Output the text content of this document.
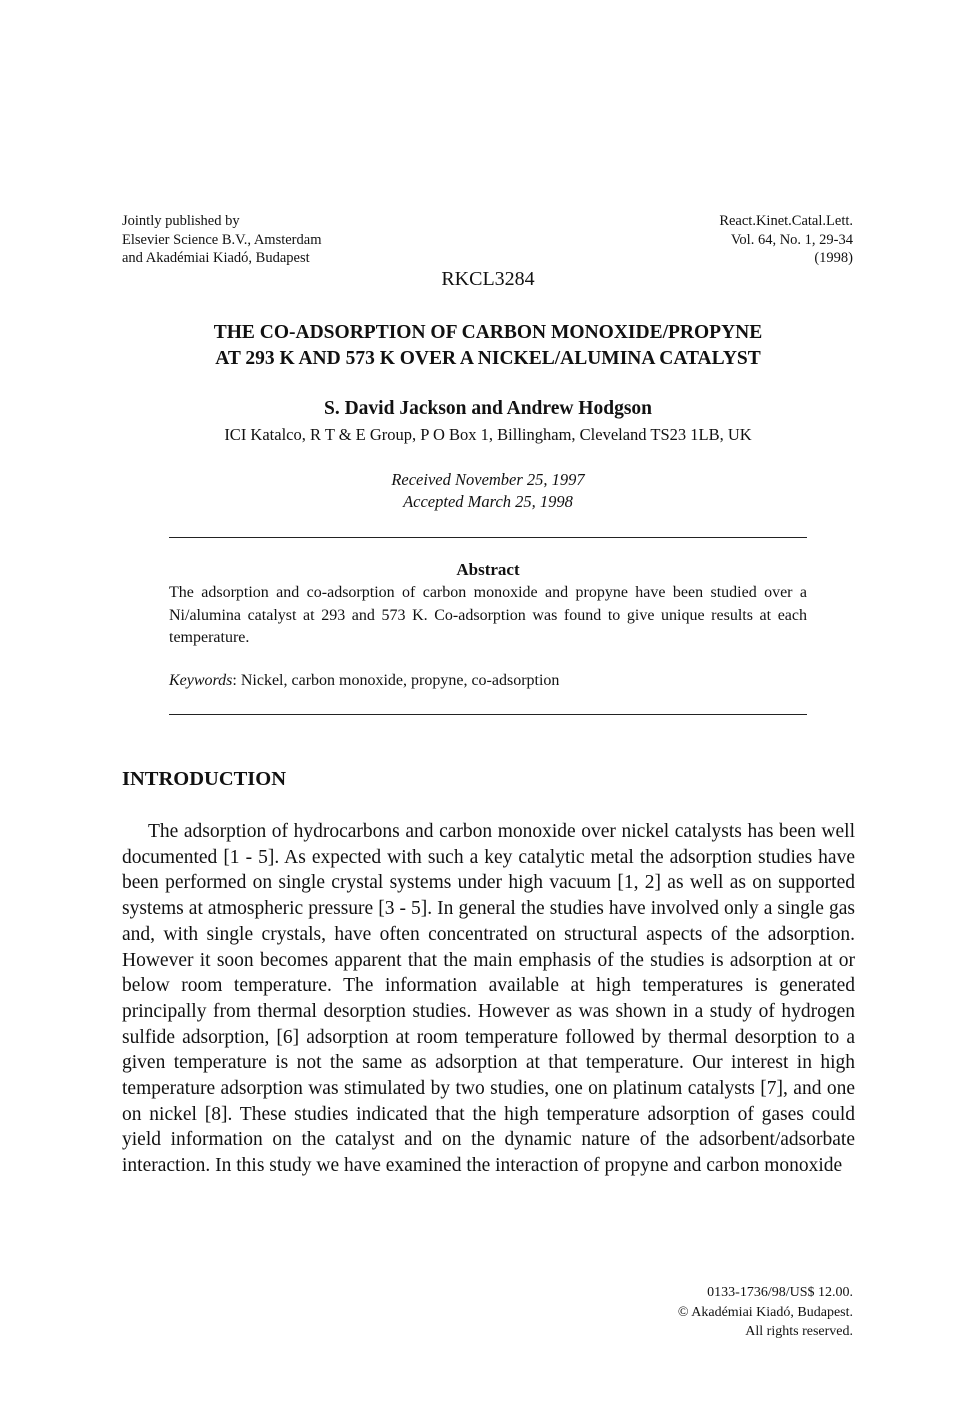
Jointly published by
Elsevier Science B.V., Amsterdam
and Akadémiai Kiadó, Budapest
React.Kinet.Catal.Lett.
Vol. 64, No. 1, 29-34
(1998)
RKCL3284
THE CO-ADSORPTION OF CARBON MONOXIDE/PROPYNE
AT 293 K AND 573 K OVER A NICKEL/ALUMINA CATALYST
S. David Jackson and Andrew Hodgson
ICI Katalco, R T & E Group, P O Box 1, Billingham, Cleveland TS23 1LB, UK
Received November 25, 1997
Accepted March 25, 1998
Abstract
The adsorption and co-adsorption of carbon monoxide and propyne have been studied over a Ni/alumina catalyst at 293 and 573 K. Co-adsorption was found to give unique results at each temperature.
Keywords: Nickel, carbon monoxide, propyne, co-adsorption
INTRODUCTION
The adsorption of hydrocarbons and carbon monoxide over nickel catalysts has been well documented [1 - 5]. As expected with such a key catalytic metal the adsorption studies have been performed on single crystal systems under high vacuum [1, 2] as well as on supported systems at atmospheric pressure [3 - 5]. In general the studies have involved only a single gas and, with single crystals, have often concentrated on structural aspects of the adsorption. However it soon becomes apparent that the main emphasis of the studies is adsorption at or below room temperature. The information available at high temperatures is generated principally from thermal desorption studies. However as was shown in a study of hydrogen sulfide adsorption, [6] adsorption at room temperature followed by thermal desorption to a given temperature is not the same as adsorption at that temperature. Our interest in high temperature adsorption was stimulated by two studies, one on platinum catalysts [7], and one on nickel [8]. These studies indicated that the high temperature adsorption of gases could yield information on the catalyst and on the dynamic nature of the adsorbent/adsorbate interaction. In this study we have examined the interaction of propyne and carbon monoxide
0133-1736/98/US$ 12.00.
© Akadémiai Kiadó, Budapest.
All rights reserved.
